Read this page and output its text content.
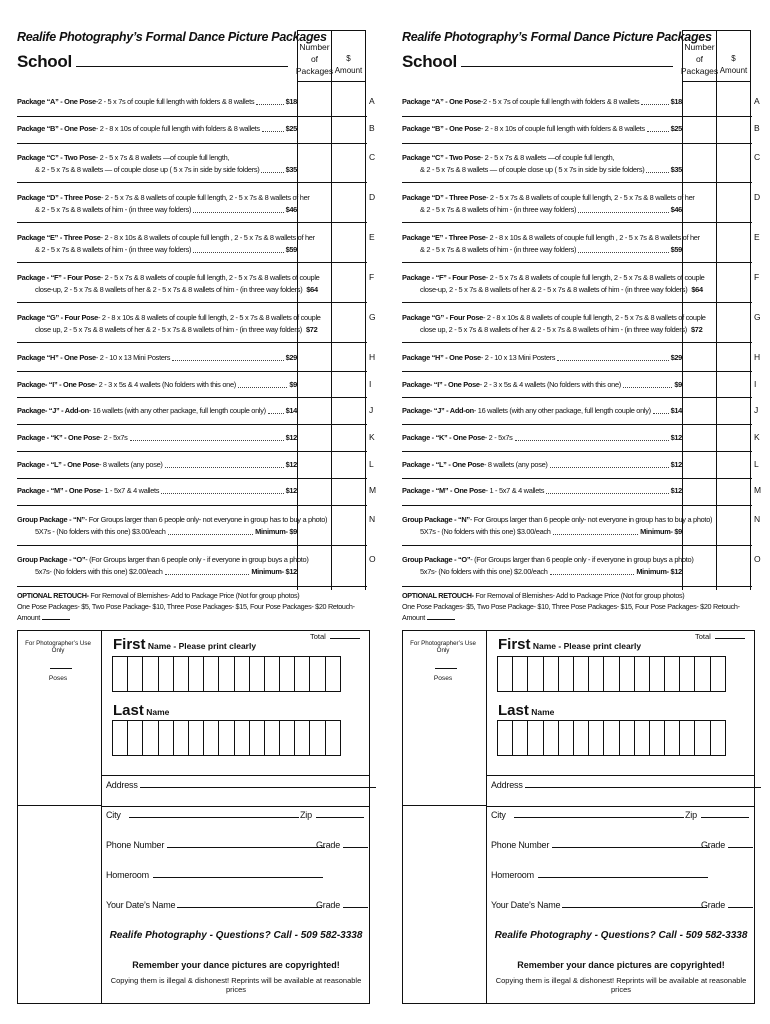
Realife Photography’s Formal Dance Picture Packages
School
Number
of
Packages
$ Amount
Package “A” - One Pose -2 - 5 x 7s of couple full length with folders & 8 wallets	$18	A
Package “B” - One Pose - 2 - 8 x 10s of couple full length with folders & 8 wallets	$25	B
Package “C” - Two Pose - 2 - 5 x 7s & 8 wallets —of couple full length,
& 2 - 5 x 7s & 8 wallets — of couple close up ( 5 x 7s in side by side folders)	$35
C
Package “D” - Three Pose - 2 - 5 x 7s & 8 wallets of couple full length, 2 - 5 x 7s & 8 wallets of her
& 2 - 5 x 7s & 8 wallets of him - (in three way folders)	$46
D
Package “E” - Three Pose - 2 - 8 x 10s & 8 wallets of couple full length , 2 - 5 x 7s & 8 wallets of her
& 2 - 5 x 7s & 8 wallets of him - (in three way folders)	$59
E
Package - “F” - Four Pose - 2 - 5 x 7s & 8 wallets of couple full length, 2 - 5 x 7s & 8 wallets of couple
close-up, 2 - 5 x 7s & 8 wallets of her & 2 - 5 x 7s & 8 wallets of him - (in three way folders) $64
F
Package “G” - Four Pose - 2 - 8 x 10s & 8 wallets of couple full length, 2 - 5 x 7s & 8 wallets of couple
close up, 2 - 5 x 7s & 8 wallets of her & 2 - 5 x 7s & 8 wallets of him - (in three way folders) $72
G
Package “H” - One Pose - 2 - 10 x 13 Mini Posters	$29	H
Package- “I” - One Pose - 2 - 3 x 5s & 4 wallets (No folders with this one)	$9	I
Package- “J” - Add-on - 16 wallets (with any other package, full length couple only)	$14	J
Package - “K” - One Pose - 2 - 5x7s	$12	K
Package - “L” - One Pose - 8 wallets (any pose)	$12	L
Package - “M” - One Pose - 1 - 5x7 & 4 wallets	$12	M
Group Package - “N” - For Groups larger than 6 people only- not everyone in group has to buy a photo)
5X7s - (No folders with this one) $3.00/each	Minimum- $9
N
Group Package - “O” - (For Groups larger than 6 people only - if everyone in group buys a photo)
5x7s- (No folders with this one) $2.00/each	Minimum- $12
O
OPTIONAL RETOUCH- For Removal of Blemishes- Add to Package Price (Not for group photos)
One Pose Packages- $5, Two Pose Package- $10, Three Pose Packages- $15, Four Pose Packages- $20 Retouch- Amount
For Photographer’s Use Only
Poses
First Name - Please print clearly
Total
Last Name
Address
City	Zip
Phone Number	Grade
Homeroom
Your Date’s Name	Grade
Realife Photography - Questions? Call - 509 582-3338
Remember your dance pictures are copyrighted!
Copying them is illegal & dishonest! Reprints will be available at reasonable prices
Realife Photography’s Formal Dance Picture Packages
School
Number
of
Packages
$ Amount
Package “A” - One Pose -2 - 5 x 7s of couple full length with folders & 8 wallets	$18	A
Package “B” - One Pose - 2 - 8 x 10s of couple full length with folders & 8 wallets	$25	B
Package “C” - Two Pose - 2 - 5 x 7s & 8 wallets —of couple full length,
& 2 - 5 x 7s & 8 wallets — of couple close up ( 5 x 7s in side by side folders)	$35
C
Package “D” - Three Pose - 2 - 5 x 7s & 8 wallets of couple full length, 2 - 5 x 7s & 8 wallets of her
& 2 - 5 x 7s & 8 wallets of him - (in three way folders)	$46
D
Package “E” - Three Pose - 2 - 8 x 10s & 8 wallets of couple full length , 2 - 5 x 7s & 8 wallets of her
& 2 - 5 x 7s & 8 wallets of him - (in three way folders)	$59
E
Package - “F” - Four Pose - 2 - 5 x 7s & 8 wallets of couple full length, 2 - 5 x 7s & 8 wallets of couple
close-up, 2 - 5 x 7s & 8 wallets of her & 2 - 5 x 7s & 8 wallets of him - (in three way folders) $64
F
Package “G” - Four Pose - 2 - 8 x 10s & 8 wallets of couple full length, 2 - 5 x 7s & 8 wallets of couple
close up, 2 - 5 x 7s & 8 wallets of her & 2 - 5 x 7s & 8 wallets of him - (in three way folders) $72
G
Package “H” - One Pose - 2 - 10 x 13 Mini Posters	$29	H
Package- “I” - One Pose - 2 - 3 x 5s & 4 wallets (No folders with this one)	$9	I
Package- “J” - Add-on - 16 wallets (with any other package, full length couple only)	$14	J
Package - “K” - One Pose - 2 - 5x7s	$12	K
Package - “L” - One Pose - 8 wallets (any pose)	$12	L
Package - “M” - One Pose - 1 - 5x7 & 4 wallets	$12	M
Group Package - “N” - For Groups larger than 6 people only- not everyone in group has to buy a photo)
5X7s - (No folders with this one) $3.00/each	Minimum- $9
N
Group Package - “O” - (For Groups larger than 6 people only - if everyone in group buys a photo)
5x7s- (No folders with this one) $2.00/each	Minimum- $12
O
OPTIONAL RETOUCH- For Removal of Blemishes- Add to Package Price (Not for group photos)
One Pose Packages- $5, Two Pose Package- $10, Three Pose Packages- $15, Four Pose Packages- $20 Retouch- Amount
For Photographer’s Use Only
Poses
First Name - Please print clearly
Total
Last Name
Address
City	Zip
Phone Number	Grade
Homeroom
Your Date’s Name	Grade
Realife Photography - Questions? Call - 509 582-3338
Remember your dance pictures are copyrighted!
Copying them is illegal & dishonest! Reprints will be available at reasonable prices
